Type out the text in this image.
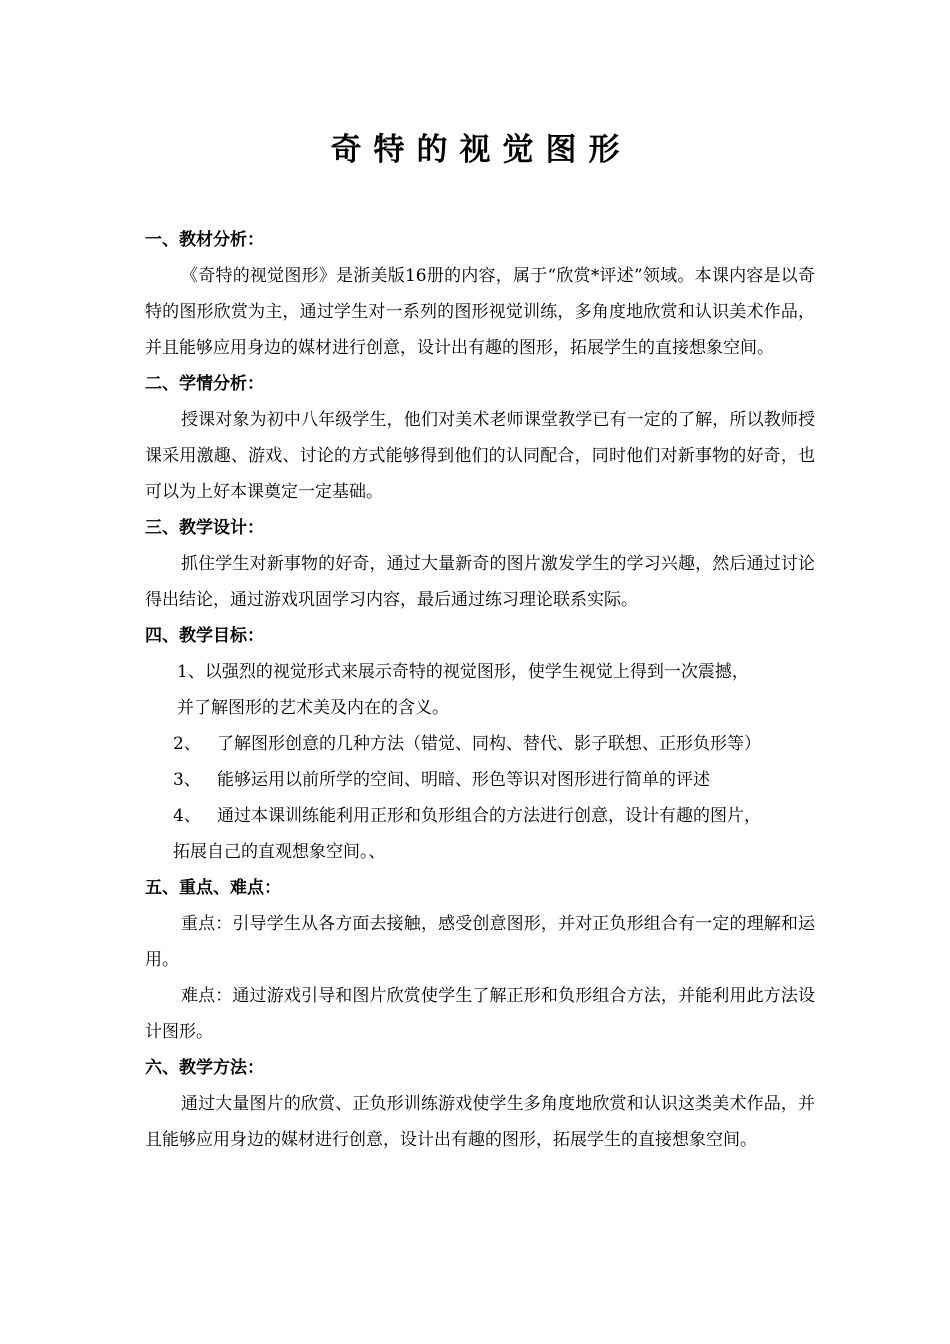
奇特的视觉图形
一、教材分析：

《奇特的视觉图形》是浙美版16册的内容，属于“欣赏*评述”领域。本课内容是以奇特的图形欣赏为主，通过学生对一系列的图形视觉训练，多角度地欣赏和认识美术作品，并且能够应用身边的媒材进行创意，设计出有趣的图形，拓展学生的直接想象空间。

二、学情分析：

授课对象为初中八年级学生，他们对美术老师课堂教学已有一定的了解，所以教师授课采用激趣、游戏、讨论的方式能够得到他们的认同配合，同时他们对新事物的好奇，也可以为上好本课奠定一定基础。

三、教学设计：

抓住学生对新事物的好奇，通过大量新奇的图片激发学生的学习兴趣，然后通过讨论得出结论，通过游戏巩固学习内容，最后通过练习理论联系实际。

四、教学目标：
1、以强烈的视觉形式来展示奇特的视觉图形，使学生视觉上得到一次震撼，
并了解图形的艺术美及内在的含义。
2、   了解图形创意的几种方法（错觉、同构、替代、影子联想、正形负形等）
3、   能够运用以前所学的空间、明暗、形色等识对图形进行简单的评述
4、   通过本课训练能利用正形和负形组合的方法进行创意，设计有趣的图片，
拓展自己的直观想象空间。、
五、重点、难点：

重点：引导学生从各方面去接触，感受创意图形，并对正负形组合有一定的理解和运用。

难点：通过游戏引导和图片欣赏使学生了解正形和负形组合方法，并能利用此方法设计图形。

六、教学方法：

通过大量图片的欣赏、正负形训练游戏使学生多角度地欣赏和认识这类美术作品，并且能够应用身边的媒材进行创意，设计出有趣的图形，拓展学生的直接想象空间。
